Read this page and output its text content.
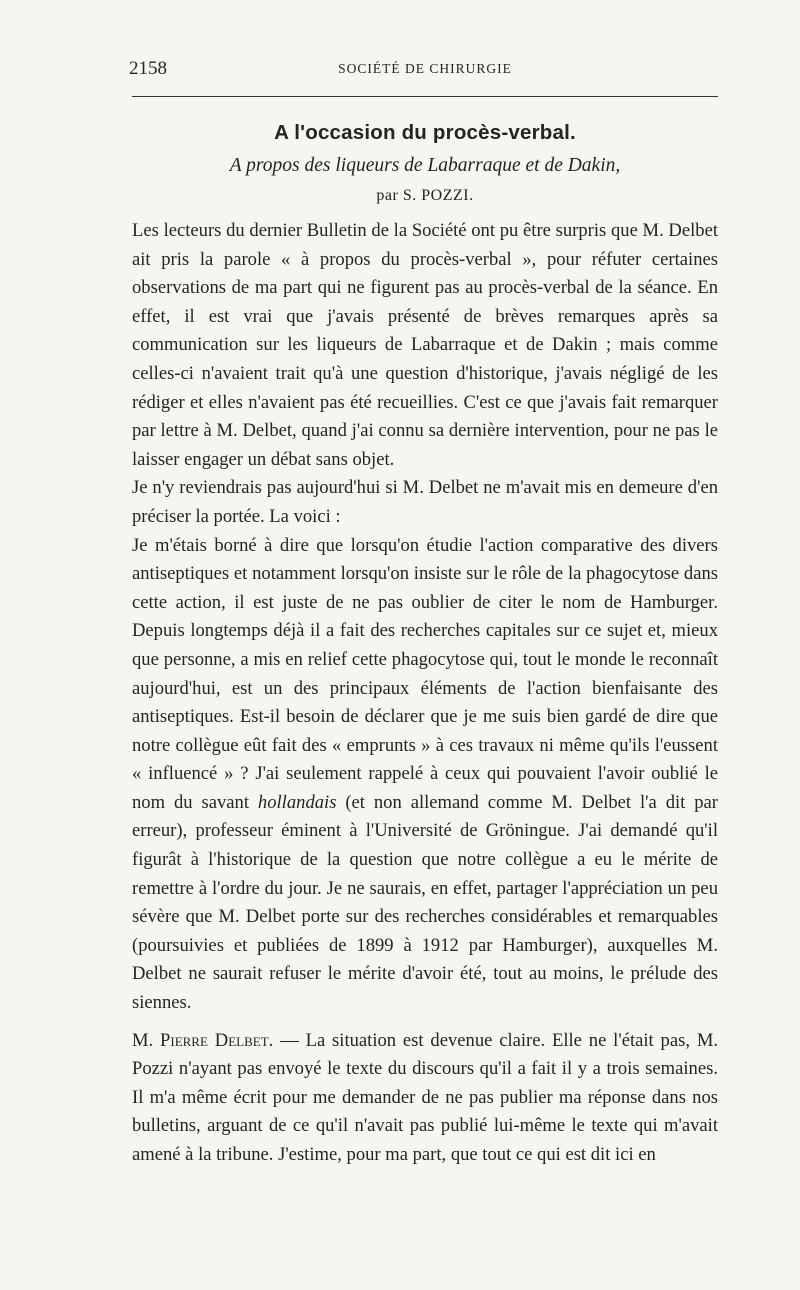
2158	SOCIÉTÉ DE CHIRURGIE
A l'occasion du procès-verbal.
A propos des liqueurs de Labarraque et de Dakin,
par S. POZZI.

Les lecteurs du dernier Bulletin de la Société ont pu être surpris que M. Delbet ait pris la parole « à propos du procès-verbal », pour réfuter certaines observations de ma part qui ne figurent pas au procès-verbal de la séance. En effet, il est vrai que j'avais présenté de brèves remarques après sa communication sur les liqueurs de Labarraque et de Dakin ; mais comme celles-ci n'avaient trait qu'à une question d'historique, j'avais négligé de les rédiger et elles n'avaient pas été recueillies. C'est ce que j'avais fait remarquer par lettre à M. Delbet, quand j'ai connu sa dernière intervention, pour ne pas le laisser engager un débat sans objet.

Je n'y reviendrais pas aujourd'hui si M. Delbet ne m'avait mis en demeure d'en préciser la portée. La voici :

Je m'étais borné à dire que lorsqu'on étudie l'action comparative des divers antiseptiques et notamment lorsqu'on insiste sur le rôle de la phagocytose dans cette action, il est juste de ne pas oublier de citer le nom de Hamburger. Depuis longtemps déjà il a fait des recherches capitales sur ce sujet et, mieux que personne, a mis en relief cette phagocytose qui, tout le monde le reconnaît aujourd'hui, est un des principaux éléments de l'action bienfaisante des antiseptiques. Est-il besoin de déclarer que je me suis bien gardé de dire que notre collègue eût fait des « emprunts » à ces travaux ni même qu'ils l'eussent « influencé » ? J'ai seulement rappelé à ceux qui pouvaient l'avoir oublié le nom du savant hollandais (et non allemand comme M. Delbet l'a dit par erreur), professeur éminent à l'Université de Gröningue. J'ai demandé qu'il figurât à l'historique de la question que notre collègue a eu le mérite de remettre à l'ordre du jour. Je ne saurais, en effet, partager l'appréciation un peu sévère que M. Delbet porte sur des recherches considérables et remarquables (poursuivies et publiées de 1899 à 1912 par Hamburger), auxquelles M. Delbet ne saurait refuser le mérite d'avoir été, tout au moins, le prélude des siennes.

M. Pierre Delbet. — La situation est devenue claire. Elle ne l'était pas, M. Pozzi n'ayant pas envoyé le texte du discours qu'il a fait il y a trois semaines. Il m'a même écrit pour me demander de ne pas publier ma réponse dans nos bulletins, arguant de ce qu'il n'avait pas publié lui-même le texte qui m'avait amené à la tribune. J'estime, pour ma part, que tout ce qui est dit ici en
